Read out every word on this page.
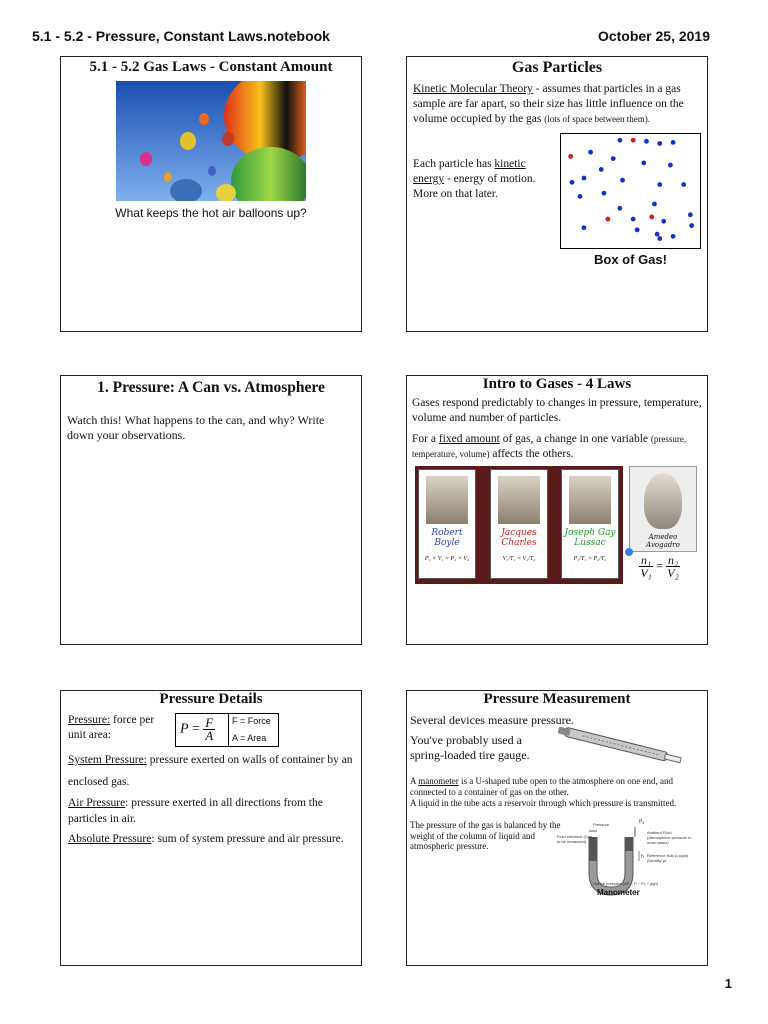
5.1 - 5.2 - Pressure, Constant Laws.notebook	October 25, 2019
5.1 - 5.2 Gas Laws - Constant Amount
What keeps the hot air balloons up?
Gas Particles
Kinetic Molecular Theory - assumes that particles in a gas sample are far apart, so their size has little influence on the volume occupied by the gas (lots of space between them).
Each particle has kinetic energy - energy of motion. More on that later.
Box of Gas!
1. Pressure: A Can vs. Atmosphere
Watch this! What happens to the can, and why? Write down your observations.
Intro to Gases - 4 Laws
Gases respond predictably to changes in pressure, temperature, volume and number of particles.
For a fixed amount of gas, a change in one variable (pressure, temperature, volume) affects the others.
Robert Boyle
P₁ × V₁ = P₂ × V₂
Jacques Charles
V₁/T₁ = V₂/T₂
Joseph Gay Lussac
P₁/T₁ = P₂/T₂
Amedeo Avogadro
$\frac{\text{n₁}}{\text{V₁}} = \frac{\text{n₂}}{\text{V₂}}$
Pressure Details
Pressure: force per unit area:	$P = \frac{F}{A}$ F = Force
A = Area
System Pressure: pressure exerted on walls of container by an enclosed gas.
Air Pressure: pressure exerted in all directions from the particles in air.
Absolute Pressure: sum of system pressure and air pressure.
Pressure Measurement
Several devices measure pressure.
You've probably used a spring-loaded tire gauge.
A manometer is a U-shaped tube open to the atmosphere on one end, and connected to a container of gas on the other.
A liquid in the tube acts a reservoir through which pressure is transmitted.
The pressure of the gas is balanced by the weight of the column of liquid and atmospheric pressure.
Pressure	Pₐ
Fluid entrance (Gas to be measured)
Ambient Fluid (Atmospheric pressure in most cases)
Reference fluid (Liquid) (Density ρ)
h
Gauge pressure (ΔP = P − P₀ = ρgh)
Manometer
1
